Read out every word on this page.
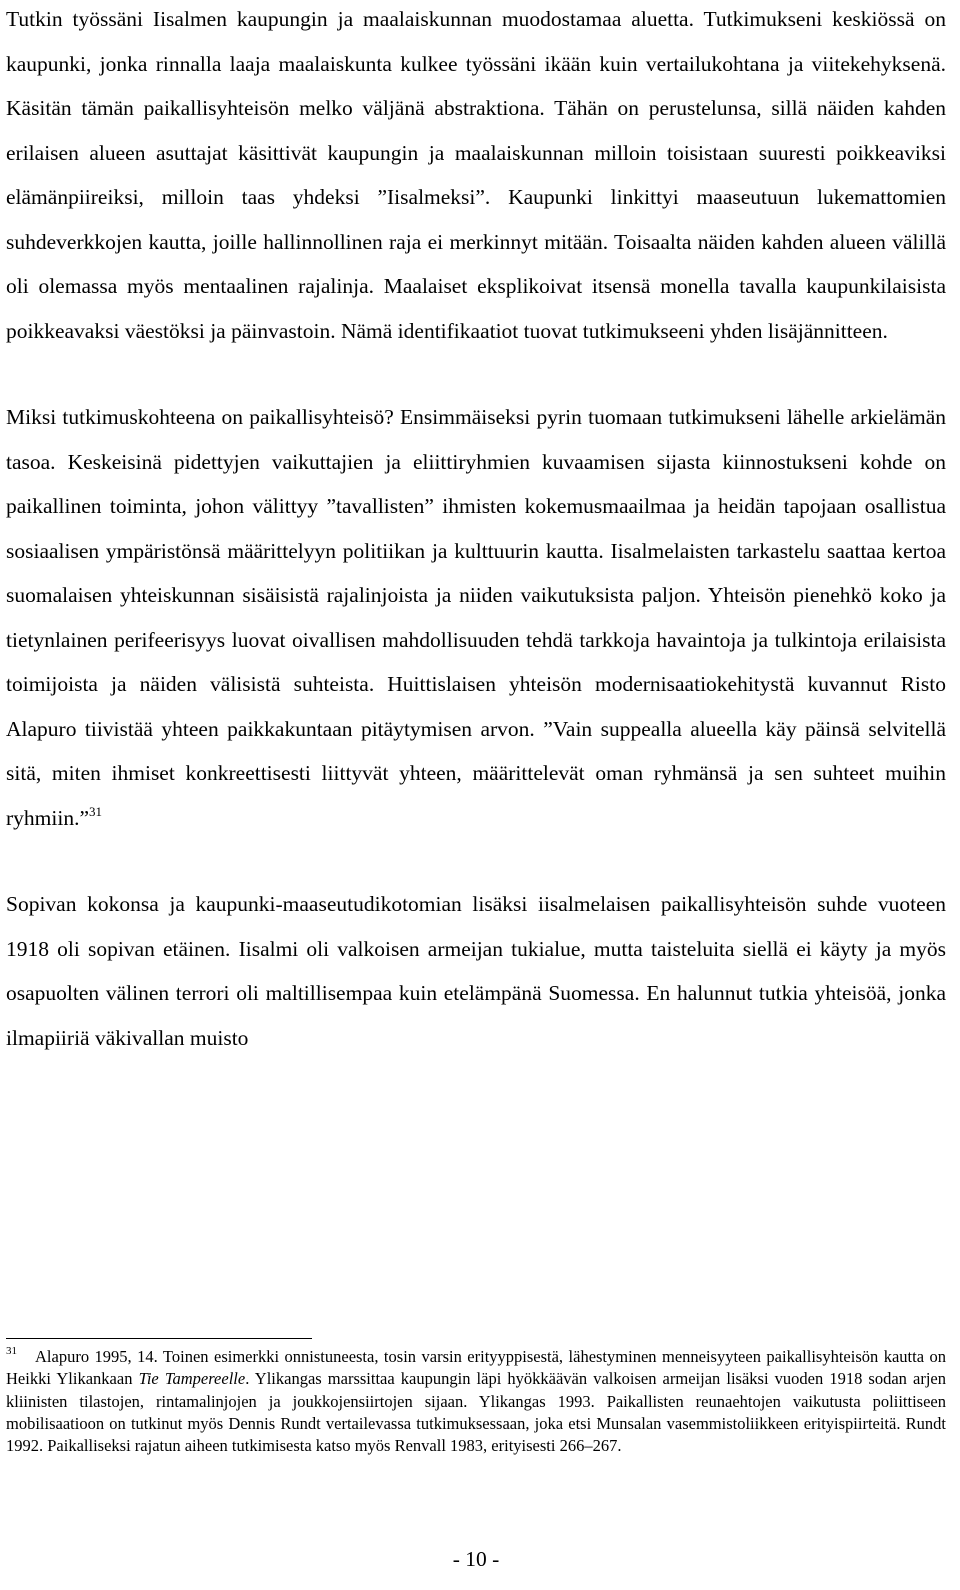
Tutkin työssäni Iisalmen kaupungin ja maalaiskunnan muodostamaa aluetta. Tutkimukseni keskiössä on kaupunki, jonka rinnalla laaja maalaiskunta kulkee työssäni ikään kuin vertailukohtana ja viitekehyksenä. Käsitän tämän paikallisyhteisön melko väljänä abstraktiona. Tähän on perustelunsa, sillä näiden kahden erilaisen alueen asuttajat käsittivät kaupungin ja maalaiskunnan milloin toisistaan suuresti poikkeaviksi elämänpiireiksi, milloin taas yhdeksi ”Iisalmeksi”. Kaupunki linkittyi maaseutuun lukemattomien suhdeverkkojen kautta, joille hallinnollinen raja ei merkinnyt mitään. Toisaalta näiden kahden alueen välillä oli olemassa myös mentaalinen rajalinja. Maalaiset eksplikoivat itsensä monella tavalla kaupunkilaisista poikkeavaksi väestöksi ja päinvastoin. Nämä identifikaatiot tuovat tutkimukseeni yhden lisäjännitteen.

Miksi tutkimuskohteena on paikallisyhteisö? Ensimmäiseksi pyrin tuomaan tutkimukseni lähelle arkielämän tasoa. Keskeisinä pidettyjen vaikuttajien ja eliittiryhmien kuvaamisen sijasta kiinnostukseni kohde on paikallinen toiminta, johon välittyy ”tavallisten” ihmisten kokemusmaailmaa ja heidän tapojaan osallistua sosiaalisen ympäristönsä määrittelyyn politiikan ja kulttuurin kautta. Iisalmelaisten tarkastelu saattaa kertoa suomalaisen yhteiskunnan sisäisistä rajalinjoista ja niiden vaikutuksista paljon. Yhteisön pienehkö koko ja tietynlainen perifeerisyys luovat oivallisen mahdollisuuden tehdä tarkkoja havaintoja ja tulkintoja erilaisista toimijoista ja näiden välisistä suhteista. Huittislaisen yhteisön modernisaatiokehitystä kuvannut Risto Alapuro tiivistää yhteen paikkakuntaan pitäytymisen arvon. ”Vain suppealla alueella käy päinsä selvitellä sitä, miten ihmiset konkreettisesti liittyvät yhteen, määrittelevät oman ryhmänsä ja sen suhteet muihin ryhmiin.”$^{31}$

Sopivan kokonsa ja kaupunki-maaseutudikotomian lisäksi iisalmelaisen paikallisyhteisön suhde vuoteen 1918 oli sopivan etäinen. Iisalmi oli valkoisen armeijan tukialue, mutta taisteluita siellä ei käyty ja myös osapuolten välinen terrori oli maltillisempaa kuin etelämpänä Suomessa. En halunnut tutkia yhteisöä, jonka ilmapiiriä väkivallan muisto

$^{31}$ Alapuro 1995, 14. Toinen esimerkki onnistuneesta, tosin varsin erityyppisestä, lähestyminen menneisyyteen paikallisyhteisön kautta on Heikki Ylikankaan Tie Tampereelle. Ylikangas marssittaa kaupungin läpi hyökkäävän valkoisen armeijan lisäksi vuoden 1918 sodan arjen kliinisten tilastojen, rintamalinjojen ja joukkojensiirtojen sijaan. Ylikangas 1993. Paikallisten reunaehtojen vaikutusta poliittiseen mobilisaatioon on tutkinut myös Dennis Rundt vertailevassa tutkimuksessaan, joka etsi Munsalan vasemmistoliikkeen erityispiirteitä. Rundt 1992. Paikalliseksi rajatun aiheen tutkimisesta katso myös Renvall 1983, erityisesti 266–267.

- 10 -
